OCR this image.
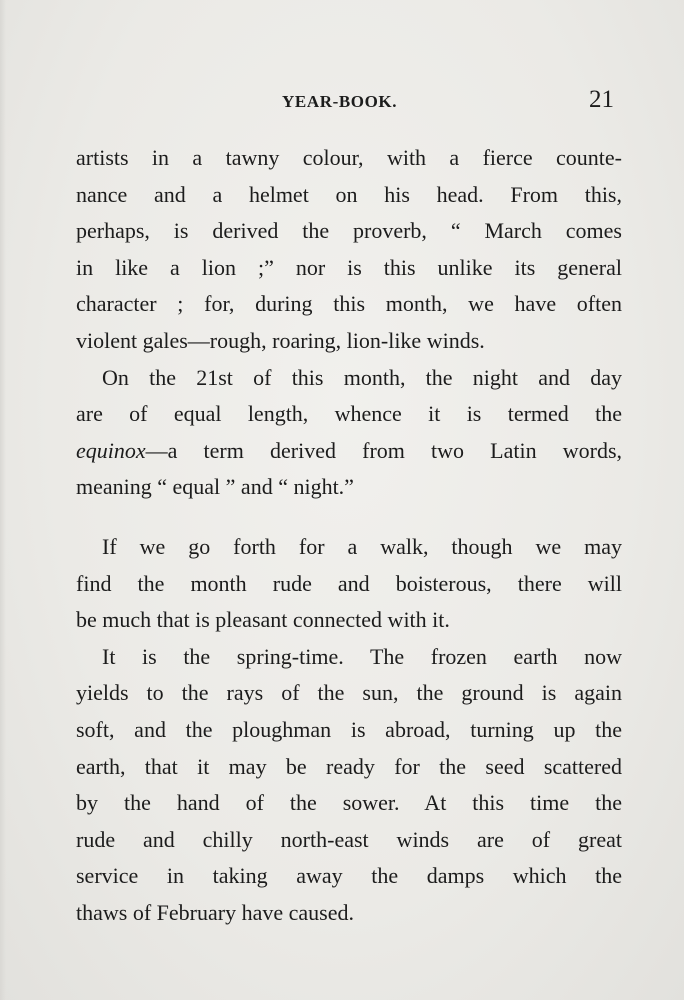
YEAR-BOOK.	21
artists in a tawny colour, with a fierce counte-
nance and a helmet on his head. From this,
perhaps, is derived the proverb, “ March comes
in like a lion ;” nor is this unlike its general
character ; for, during this month, we have often
violent gales—rough, roaring, lion-like winds.
On the 21st of this month, the night and day
are of equal length, whence it is termed the
equinox—a term derived from two Latin words,
meaning “ equal ” and “ night.”
If we go forth for a walk, though we may
find the month rude and boisterous, there will
be much that is pleasant connected with it.
It is the spring-time. The frozen earth now
yields to the rays of the sun, the ground is again
soft, and the ploughman is abroad, turning up the
earth, that it may be ready for the seed scattered
by the hand of the sower. At this time the
rude and chilly north-east winds are of great
service in taking away the damps which the
thaws of February have caused.
